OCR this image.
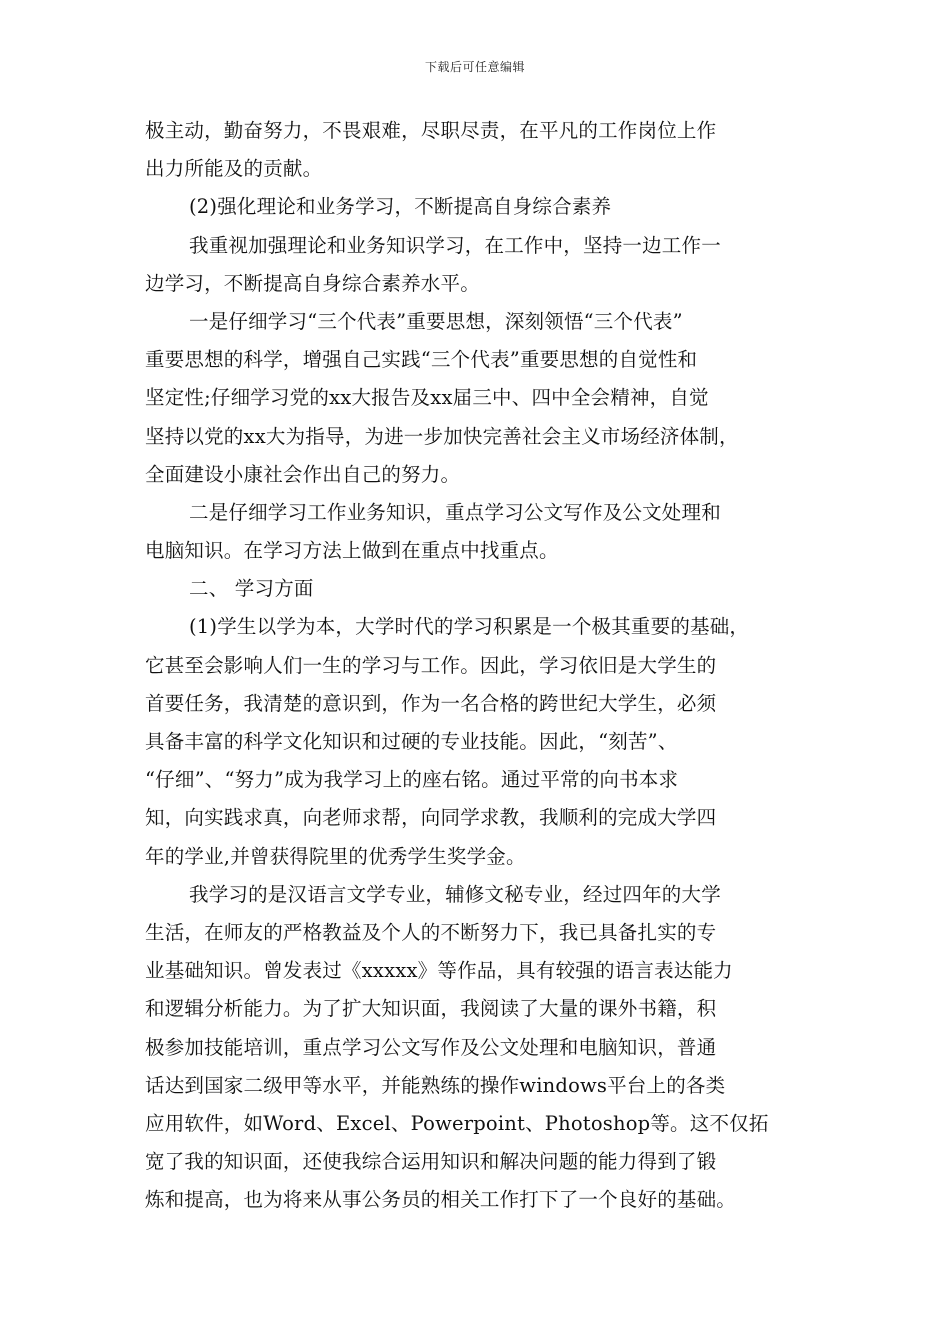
下载后可任意编辑
极主动，勤奋努力，不畏艰难，尽职尽责，在平凡的工作岗位上作
出力所能及的贡献。
(2)强化理论和业务学习，不断提高自身综合素养
我重视加强理论和业务知识学习，在工作中，坚持一边工作一
边学习，不断提高自身综合素养水平。
一是仔细学习“三个代表”重要思想，深刻领悟“三个代表”
重要思想的科学，增强自己实践“三个代表”重要思想的自觉性和
坚定性;仔细学习党的xx大报告及xx届三中、四中全会精神，自觉
坚持以党的xx大为指导，为进一步加快完善社会主义市场经济体制，
全面建设小康社会作出自己的努力。
二是仔细学习工作业务知识，重点学习公文写作及公文处理和
电脑知识。在学习方法上做到在重点中找重点。
二、 学习方面
(1)学生以学为本，大学时代的学习积累是一个极其重要的基础，
它甚至会影响人们一生的学习与工作。因此，学习依旧是大学生的
首要任务，我清楚的意识到，作为一名合格的跨世纪大学生，必须
具备丰富的科学文化知识和过硬的专业技能。因此，“刻苦”、
“仔细”、“努力”成为我学习上的座右铭。通过平常的向书本求
知，向实践求真，向老师求帮，向同学求教，我顺利的完成大学四
年的学业,并曾获得院里的优秀学生奖学金。
我学习的是汉语言文学专业，辅修文秘专业，经过四年的大学
生活，在师友的严格教益及个人的不断努力下，我已具备扎实的专
业基础知识。曾发表过《xxxxx》等作品，具有较强的语言表达能力
和逻辑分析能力。为了扩大知识面，我阅读了大量的课外书籍，积
极参加技能培训，重点学习公文写作及公文处理和电脑知识，普通
话达到国家二级甲等水平，并能熟练的操作windows平台上的各类
应用软件，如Word、Excel、Powerpoint、Photoshop等。这不仅拓
宽了我的知识面，还使我综合运用知识和解决问题的能力得到了锻
炼和提高，也为将来从事公务员的相关工作打下了一个良好的基础。
